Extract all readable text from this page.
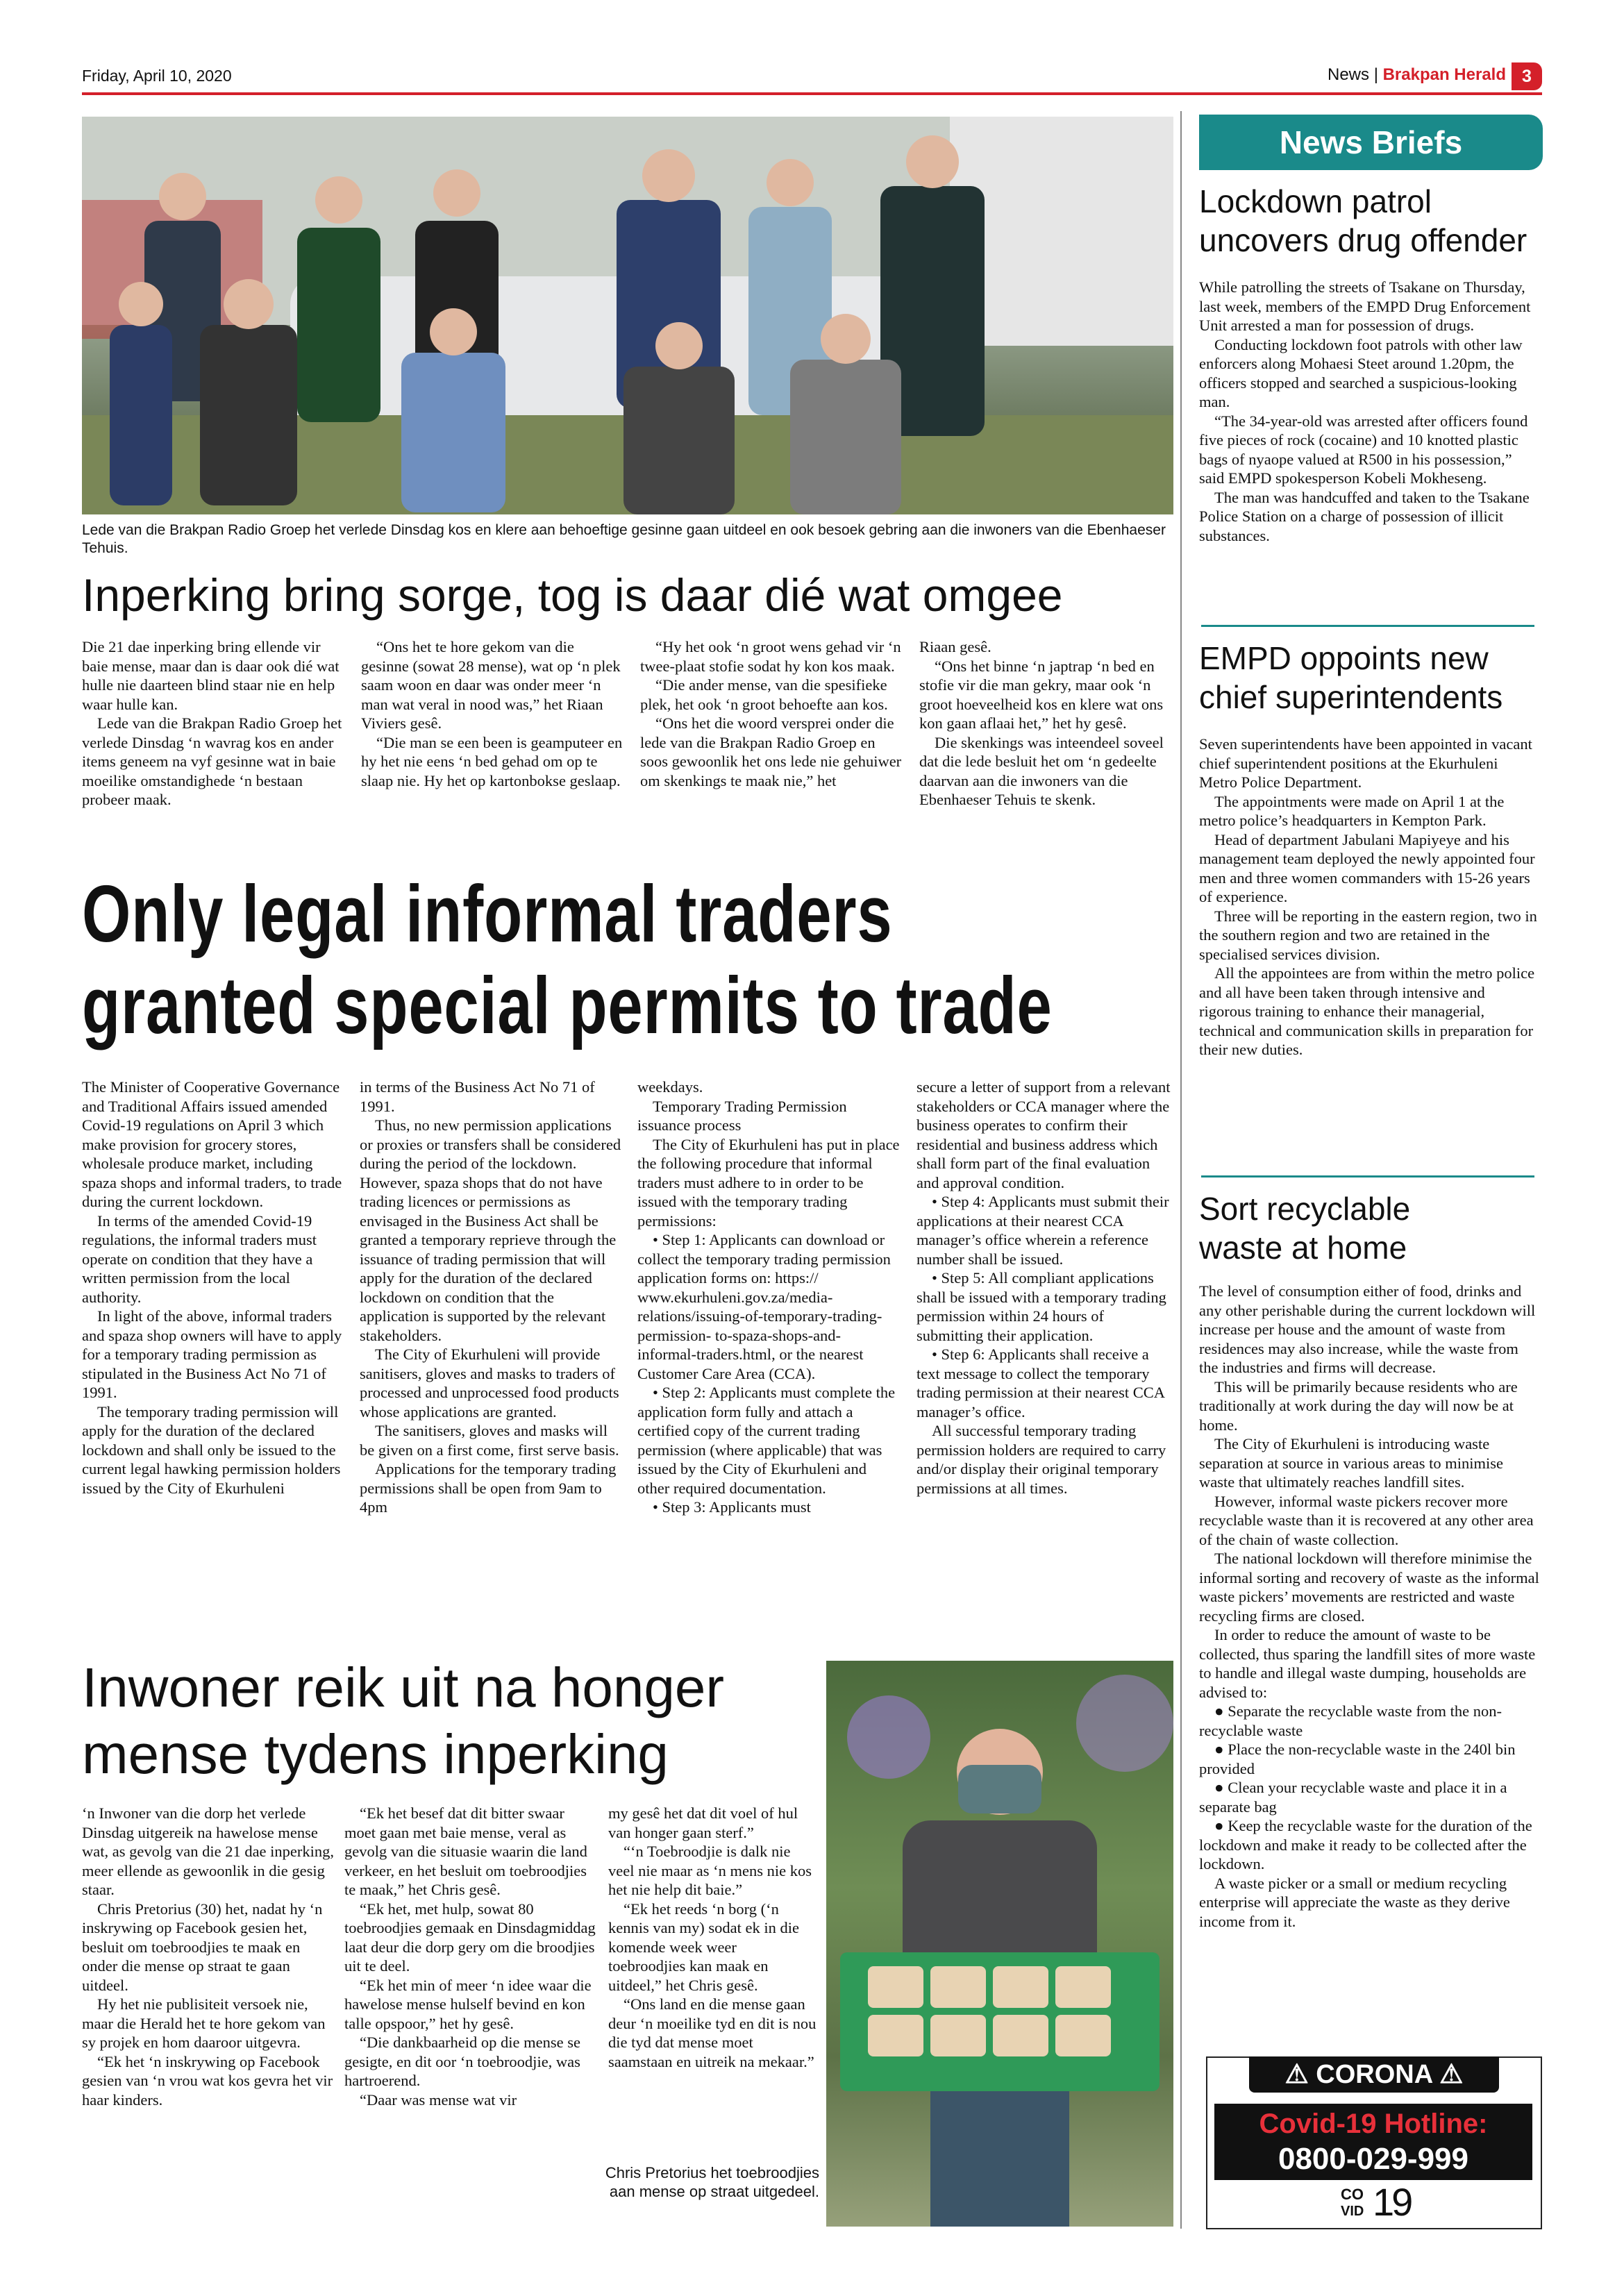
Friday, April 10, 2020	News | Brakpan Herald 3
Lede van die Brakpan Radio Groep het verlede Dinsdag kos en klere aan behoeftige gesinne gaan uitdeel en ook besoek gebring aan die inwoners van die Ebenhaeser Tehuis.
Inperking bring sorge, tog is daar dié wat omgee

Die 21 dae inperking bring ellende vir baie mense, maar dan is daar ook dié wat hulle nie daarteen blind staar nie en help waar hulle kan.

Lede van die Brakpan Radio Groep het verlede Dinsdag ‘n wavrag kos en ander items geneem na vyf gesinne wat in baie moeilike omstandighede ‘n bestaan probeer maak.

“Ons het te hore gekom van die gesinne (sowat 28 mense), wat op ‘n plek saam woon en daar was onder meer ‘n man wat veral in nood was,” het Riaan Viviers gesê.

“Die man se een been is geamputeer en hy het nie eens ‘n bed gehad om op te slaap nie. Hy het op kartonbokse geslaap.

“Hy het ook ‘n groot wens gehad vir ‘n twee-plaat stofie sodat hy kon kos maak.

“Die ander mense, van die spesifieke plek, het ook ‘n groot behoefte aan kos.

“Ons het die woord versprei onder die lede van die Brakpan Radio Groep en soos gewoonlik het ons lede nie gehuiwer om skenkings te maak nie,” het

Riaan gesê.

“Ons het binne ‘n japtrap ‘n bed en stofie vir die man gekry, maar ook ‘n groot hoeveelheid kos en klere wat ons kon gaan aflaai het,” het hy gesê.

Die skenkings was inteendeel soveel dat die lede besluit het om ‘n gedeelte daarvan aan die inwoners van die Ebenhaeser Tehuis te skenk.

Only legal informal traders
granted special permits to trade

The Minister of Cooperative Governance and Traditional Affairs issued amended Covid-19 regulations on April 3 which make provision for grocery stores, wholesale produce market, including spaza shops and informal traders, to trade during the current lockdown.

In terms of the amended Covid-19 regulations, the informal traders must operate on condition that they have a written permission from the local authority.

In light of the above, informal traders and spaza shop owners will have to apply for a temporary trading permission as stipulated in the Business Act No 71 of 1991.

The temporary trading permission will apply for the duration of the declared lockdown and shall only be issued to the current legal hawking permission holders issued by the City of Ekurhuleni

in terms of the Business Act No 71 of 1991.

Thus, no new permission applications or proxies or transfers shall be considered during the period of the lockdown. However, spaza shops that do not have trading licences or permissions as envisaged in the Business Act shall be granted a temporary reprieve through the issuance of trading permission that will apply for the duration of the declared lockdown on condition that the application is supported by the relevant stakeholders.

The City of Ekurhuleni will provide sanitisers, gloves and masks to traders of processed and unprocessed food products whose applications are granted.

The sanitisers, gloves and masks will be given on a first come, first serve basis.

Applications for the temporary trading permissions shall be open from 9am to 4pm

weekdays.

Temporary Trading Permission issuance process

The City of Ekurhuleni has put in place the following procedure that informal traders must adhere to in order to be issued with the temporary trading permissions:

• Step 1: Applicants can download or collect the temporary trading permission application forms on: https:// www.ekurhuleni.gov.za/media-relations/issuing-of-temporary-trading-permission- to-spaza-shops-and-informal-traders.html, or the nearest Customer Care Area (CCA).

• Step 2: Applicants must complete the application form fully and attach a certified copy of the current trading permission (where applicable) that was issued by the City of Ekurhuleni and other required documentation.

• Step 3: Applicants must

secure a letter of support from a relevant stakeholders or CCA manager where the business operates to confirm their residential and business address which shall form part of the final evaluation and approval condition.

• Step 4: Applicants must submit their applications at their nearest CCA manager’s office wherein a reference number shall be issued.

• Step 5: All compliant applications shall be issued with a temporary trading permission within 24 hours of submitting their application.

• Step 6: Applicants shall receive a text message to collect the temporary trading permission at their nearest CCA manager’s office.

All successful temporary trading permission holders are required to carry and/or display their original temporary permissions at all times.

Inwoner reik uit na honger
mense tydens inperking

‘n Inwoner van die dorp het verlede Dinsdag uitgereik na hawelose mense wat, as gevolg van die 21 dae inperking, meer ellende as gewoonlik in die gesig staar.

Chris Pretorius (30) het, nadat hy ‘n inskrywing op Facebook gesien het, besluit om toebroodjies te maak en onder die mense op straat te gaan uitdeel.

Hy het nie publisiteit versoek nie, maar die Herald het te hore gekom van sy projek en hom daaroor uitgevra.

“Ek het ‘n inskrywing op Facebook gesien van ‘n vrou wat kos gevra het vir haar kinders.

“Ek het besef dat dit bitter swaar moet gaan met baie mense, veral as gevolg van die situasie waarin die land verkeer, en het besluit om toebroodjies te maak,” het Chris gesê.

“Ek het, met hulp, sowat 80 toebroodjies gemaak en Dinsdagmiddag laat deur die dorp gery om die broodjies uit te deel.

“Ek het min of meer ‘n idee waar die hawelose mense hulself bevind en kon talle opspoor,” het hy gesê.

“Die dankbaarheid op die mense se gesigte, en dit oor ‘n toebroodjie, was hartroerend.

“Daar was mense wat vir

my gesê het dat dit voel of hul van honger gaan sterf.”

“‘n Toebroodjie is dalk nie veel nie maar as ‘n mens nie kos het nie help dit baie.”

“Ek het reeds ‘n borg (‘n kennis van my) sodat ek in die komende week weer toebroodjies kan maak en uitdeel,” het Chris gesê.

“Ons land en die mense gaan deur ‘n moeilike tyd en dit is nou die tyd dat mense moet saamstaan en uitreik na mekaar.”

Chris Pretorius het toebroodjies aan mense op straat uitgedeel.
News Briefs
Lockdown patrol
uncovers drug offender

While patrolling the streets of Tsakane on Thursday, last week, members of the EMPD Drug Enforcement Unit arrested a man for possession of drugs.

Conducting lockdown foot patrols with other law enforcers along Mohaesi Steet around 1.20pm, the officers stopped and searched a suspicious-looking man.

“The 34-year-old was arrested after officers found five pieces of rock (cocaine) and 10 knotted plastic bags of nyaope valued at R500 in his possession,” said EMPD spokesperson Kobeli Mokheseng.

The man was handcuffed and taken to the Tsakane Police Station on a charge of possession of illicit substances.

EMPD oppoints new
chief superintendents

Seven superintendents have been appointed in vacant chief superintendent positions at the Ekurhuleni Metro Police Department.

The appointments were made on April 1 at the metro police’s headquarters in Kempton Park.

Head of department Jabulani Mapiyeye and his management team deployed the newly appointed four men and three women commanders with 15-26 years of experience.

Three will be reporting in the eastern region, two in the southern region and two are retained in the specialised services division.

All the appointees are from within the metro police and all have been taken through intensive and rigorous training to enhance their managerial, technical and communication skills in preparation for their new duties.

Sort recyclable
waste at home

The level of consumption either of food, drinks and any other perishable during the current lockdown will increase per house and the amount of waste from residences may also increase, while the waste from the industries and firms will decrease.

This will be primarily because residents who are traditionally at work during the day will now be at home.

The City of Ekurhuleni is introducing waste separation at source in various areas to minimise waste that ultimately reaches landfill sites.

However, informal waste pickers recover more recyclable waste than it is recovered at any other area of the chain of waste collection.

The national lockdown will therefore minimise the informal sorting and recovery of waste as the informal waste pickers’ movements are restricted and waste recycling firms are closed.

In order to reduce the amount of waste to be collected, thus sparing the landfill sites of more waste to handle and illegal waste dumping, households are advised to:

● Separate the recyclable waste from the non-recyclable waste

● Place the non-recyclable waste in the 240l bin provided

● Clean your recyclable waste and place it in a separate bag

● Keep the recyclable waste for the duration of the lockdown and make it ready to be collected after the lockdown.

A waste picker or a small or medium recycling enterprise will appreciate the waste as they derive income from it.

⚠ CORONA ⚠
Covid-19 Hotline:
0800-029-999
CO
VID 19
